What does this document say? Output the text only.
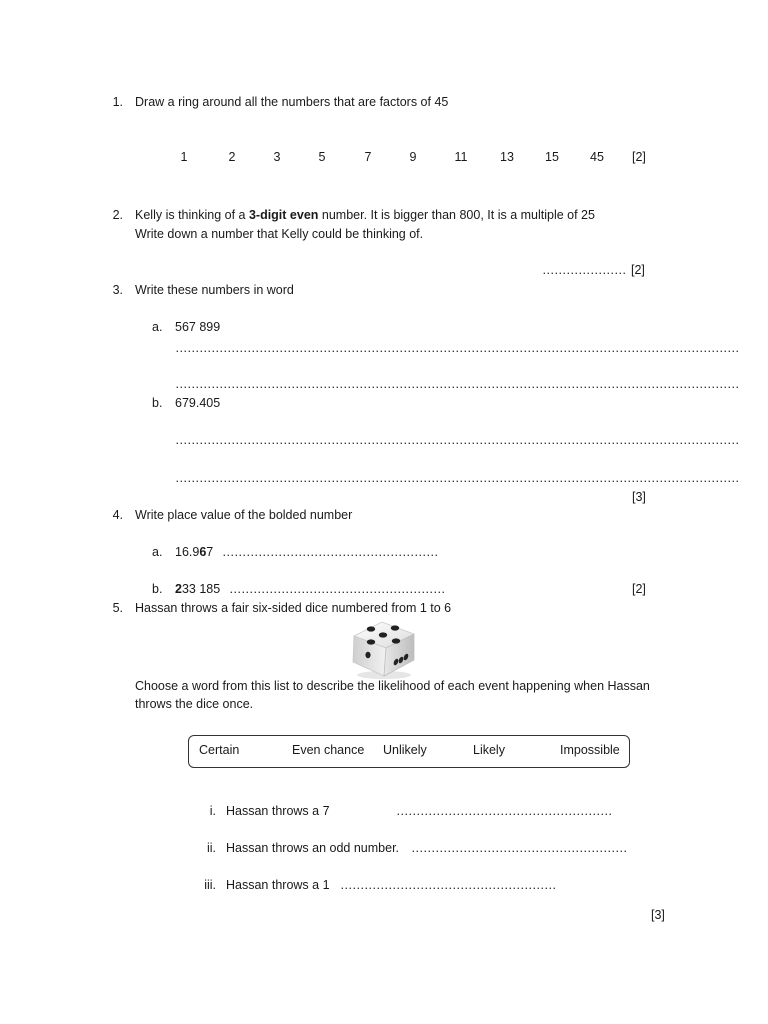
1. Draw a ring around all the numbers that are factors of 45
1	2	3	5	7	9	11	13	15	45	[2]
2. Kelly is thinking of a 3-digit even number. It is bigger than 800, It is a multiple of 25
Write down a number that Kelly could be thinking of.
………………… [2]
3. Write these numbers in word
a. 567 899
……………………………………………………………………………………………………………………………
……………………………………………………………………………………………………………………………
b. 679.405
……………………………………………………………………………………………………………………………
……………………………………………………………………………………………………………………………
[3]
4. Write place value of the bolded number
a. 16.967 ………………………………………………
b. 233 185 ………………………………………………	[2]
5. Hassan throws a fair six-sided dice numbered from 1 to 6
Choose a word from this list to describe the likelihood of each event happening when Hassan
throws the dice once.
Certain	Even chance Unlikely	Likely	Impossible
i. Hassan throws a 7	………………………………………………
ii. Hassan throws an odd number. ………………………………………………
iii. Hassan throws a 1 ………………………………………………
[3]
